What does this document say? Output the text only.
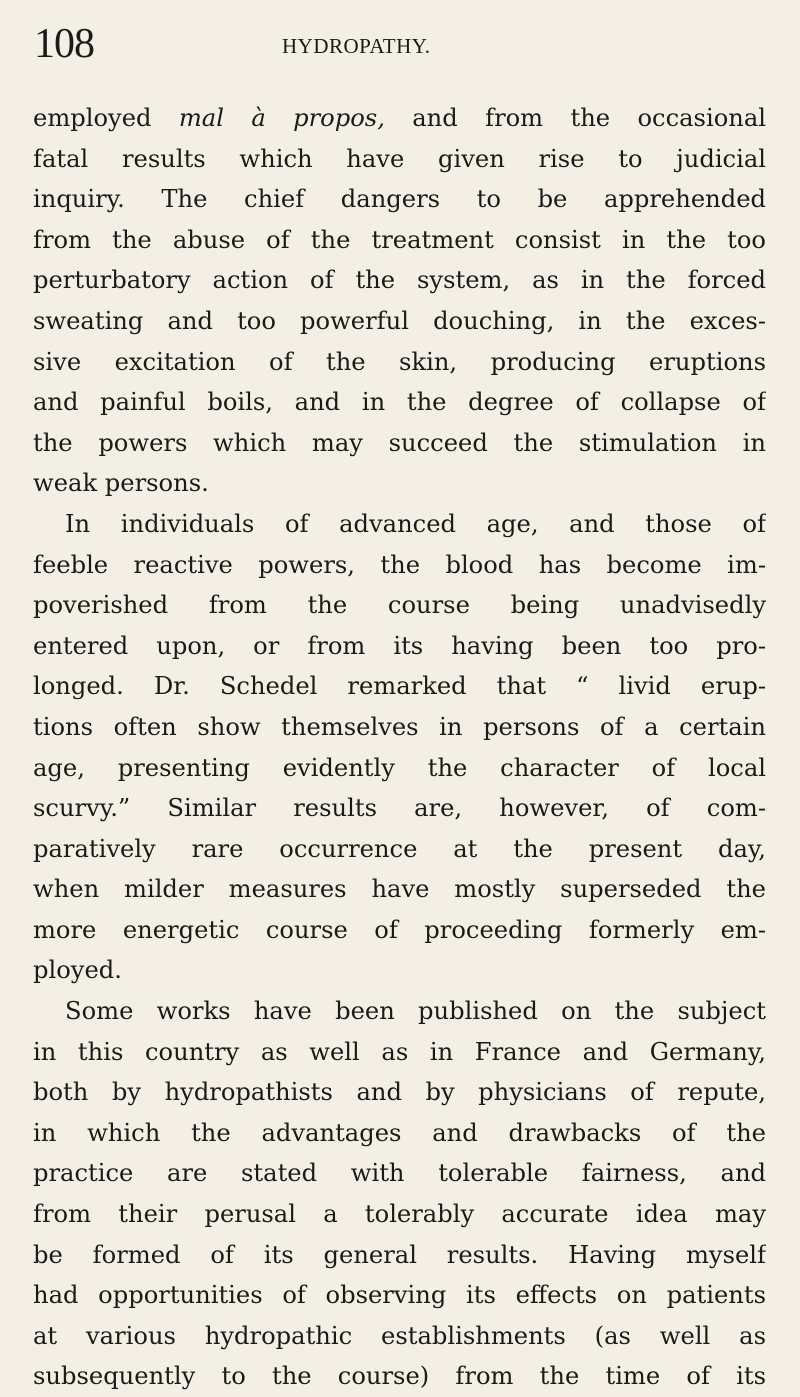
108	HYDROPATHY.
employed mal à propos, and from the occasional
fatal results which have given rise to judicial
inquiry. The chief dangers to be apprehended
from the abuse of the treatment consist in the too
perturbatory action of the system, as in the forced
sweating and too powerful douching, in the exces-
sive excitation of the skin, producing eruptions
and painful boils, and in the degree of collapse of
the powers which may succeed the stimulation in
weak persons.
In individuals of advanced age, and those of
feeble reactive powers, the blood has become im-
poverished from the course being unadvisedly
entered upon, or from its having been too pro-
longed. Dr. Schedel remarked that “ livid erup-
tions often show themselves in persons of a certain
age, presenting evidently the character of local
scurvy.” Similar results are, however, of com-
paratively rare occurrence at the present day,
when milder measures have mostly superseded the
more energetic course of proceeding formerly em-
ployed.
Some works have been published on the subject
in this country as well as in France and Germany,
both by hydropathists and by physicians of repute,
in which the advantages and drawbacks of the
practice are stated with tolerable fairness, and
from their perusal a tolerably accurate idea may
be formed of its general results. Having myself
had opportunities of observing its effects on patients
at various hydropathic establishments (as well as
subsequently to the course) from the time of its
